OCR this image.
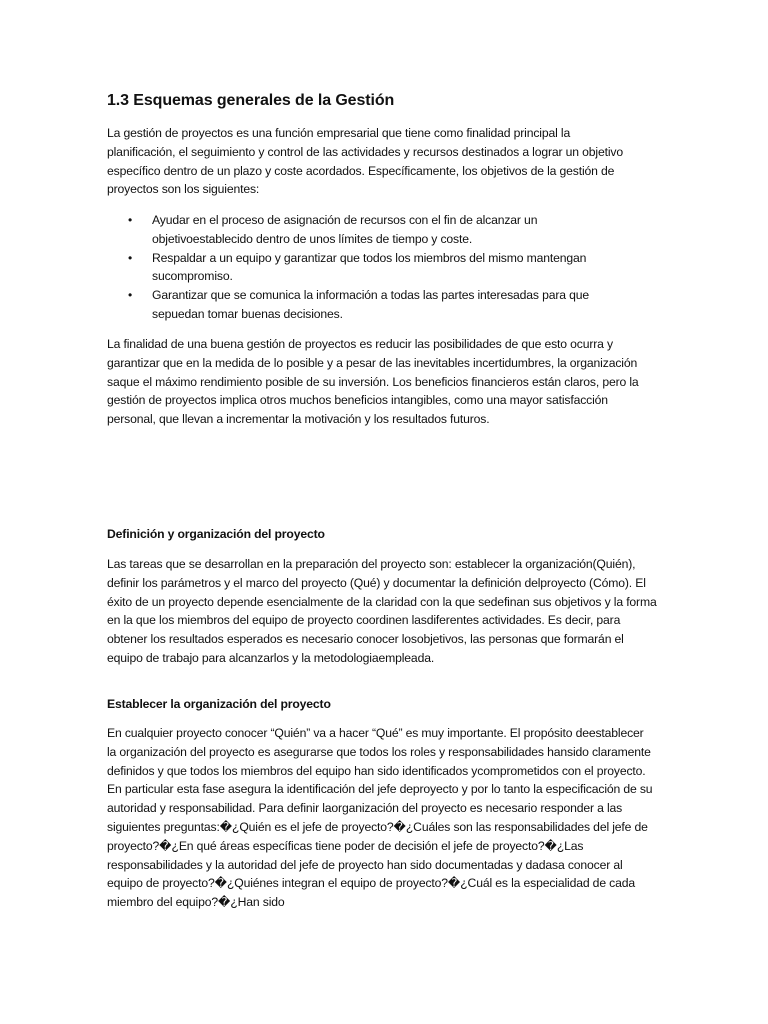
1.3 Esquemas generales de la Gestión

La gestión de proyectos es una función empresarial que tiene como finalidad principal la planificación, el seguimiento y control de las actividades y recursos destinados a lograr un objetivo específico dentro de un plazo y coste acordados. Específicamente, los objetivos de la gestión de proyectos son los siguientes:

• Ayudar en el proceso de asignación de recursos con el fin de alcanzar un objetivoestablecido dentro de unos límites de tiempo y coste.
• Respaldar a un equipo y garantizar que todos los miembros del mismo mantengan sucompromiso.
• Garantizar que se comunica la información a todas las partes interesadas para que sepuedan tomar buenas decisiones.

La finalidad de una buena gestión de proyectos es reducir las posibilidades de que esto ocurra y garantizar que en la medida de lo posible y a pesar de las inevitables incertidumbres, la organización saque el máximo rendimiento posible de su inversión. Los beneficios financieros están claros, pero la gestión de proyectos implica otros muchos beneficios intangibles, como una mayor satisfacción personal, que llevan a incrementar la motivación y los resultados futuros.

Definición y organización del proyecto

Las tareas que se desarrollan en la preparación del proyecto son: establecer la organización(Quién), definir los parámetros y el marco del proyecto (Qué) y documentar la definición delproyecto (Cómo). El éxito de un proyecto depende esencialmente de la claridad con la que sedefinan sus objetivos y la forma en la que los miembros del equipo de proyecto coordinen lasdiferentes actividades. Es decir, para obtener los resultados esperados es necesario conocer losobjetivos, las personas que formarán el equipo de trabajo para alcanzarlos y la metodologiaempleada.

Establecer la organización del proyecto

En cualquier proyecto conocer “Quién” va a hacer “Qué” es muy importante. El propósito deestablecer la organización del proyecto es asegurarse que todos los roles y responsabilidades hansido claramente definidos y que todos los miembros del equipo han sido identificados ycomprometidos con el proyecto. En particular esta fase asegura la identificación del jefe deproyecto y por lo tanto la especificación de su autoridad y responsabilidad. Para definir laorganización del proyecto es necesario responder a las siguientes preguntas:�¿Quién es el jefe de proyecto?�¿Cuáles son las responsabilidades del jefe de proyecto?�¿En qué áreas específicas tiene poder de decisión el jefe de proyecto?�¿Las responsabilidades y la autoridad del jefe de proyecto han sido documentadas y dadasa conocer al equipo de proyecto?�¿Quiénes integran el equipo de proyecto?�¿Cuál es la especialidad de cada miembro del equipo?�¿Han sido
